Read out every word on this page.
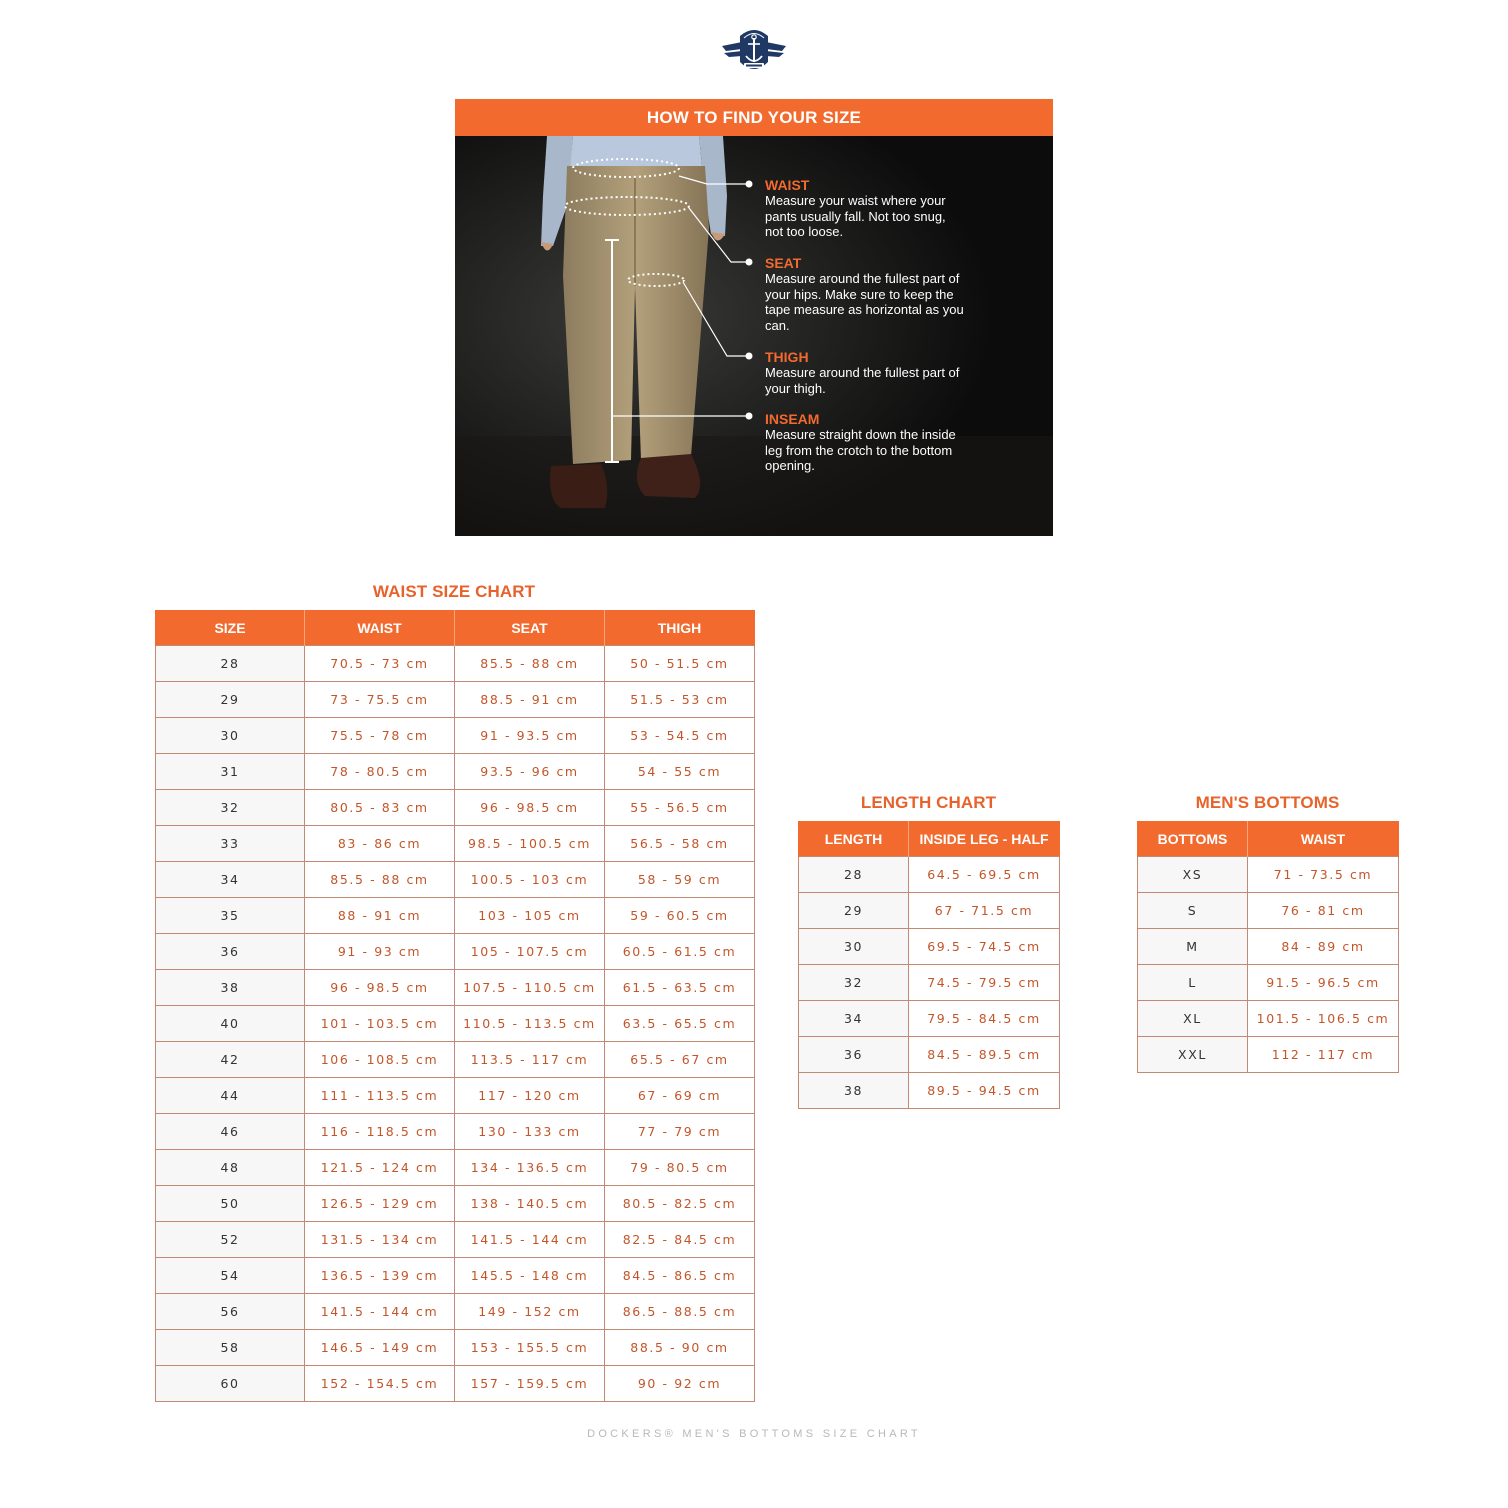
HOW TO FIND YOUR SIZE
WAIST
Measure your waist where your pants usually fall. Not too snug, not too loose.
SEAT
Measure around the fullest part of your hips. Make sure to keep the tape measure as horizontal as you can.
THIGH
Measure around the fullest part of your thigh.
INSEAM
Measure straight down the inside leg from the crotch to the bottom opening.
WAIST SIZE CHART
SIZE	WAIST	SEAT	THIGH
28	70.5 - 73 cm	85.5 - 88 cm	50 - 51.5 cm
29	73 - 75.5 cm	88.5 - 91 cm	51.5 - 53 cm
30	75.5 - 78 cm	91 - 93.5 cm	53 - 54.5 cm
31	78 - 80.5 cm	93.5 - 96 cm	54 - 55 cm
32	80.5 - 83 cm	96 - 98.5 cm	55 - 56.5 cm
33	83 - 86 cm	98.5 - 100.5 cm	56.5 - 58 cm
34	85.5 - 88 cm	100.5 - 103 cm	58 - 59 cm
35	88 - 91 cm	103 - 105 cm	59 - 60.5 cm
36	91 - 93 cm	105 - 107.5 cm	60.5 - 61.5 cm
38	96 - 98.5 cm	107.5 - 110.5 cm	61.5 - 63.5 cm
40	101 - 103.5 cm	110.5 - 113.5 cm	63.5 - 65.5 cm
42	106 - 108.5 cm	113.5 - 117 cm	65.5 - 67 cm
44	111 - 113.5 cm	117 - 120 cm	67 - 69 cm
46	116 - 118.5 cm	130 - 133 cm	77 - 79 cm
48	121.5 - 124 cm	134 - 136.5 cm	79 - 80.5 cm
50	126.5 - 129 cm	138 - 140.5 cm	80.5 - 82.5 cm
52	131.5 - 134 cm	141.5 - 144 cm	82.5 - 84.5 cm
54	136.5 - 139 cm	145.5 - 148 cm	84.5 - 86.5 cm
56	141.5 - 144 cm	149 - 152 cm	86.5 - 88.5 cm
58	146.5 - 149 cm	153 - 155.5 cm	88.5 - 90 cm
60	152 - 154.5 cm	157 - 159.5 cm	90 - 92 cm
LENGTH CHART
LENGTH	INSIDE LEG - HALF
28	64.5 - 69.5 cm
29	67 - 71.5 cm
30	69.5 - 74.5 cm
32	74.5 - 79.5 cm
34	79.5 - 84.5 cm
36	84.5 - 89.5 cm
38	89.5 - 94.5 cm
MEN'S BOTTOMS
BOTTOMS	WAIST
XS	71 - 73.5 cm
S	76 - 81 cm
M	84 - 89 cm
L	91.5 - 96.5 cm
XL	101.5 - 106.5 cm
XXL	112 - 117 cm
DOCKERS® MEN'S BOTTOMS SIZE CHART
